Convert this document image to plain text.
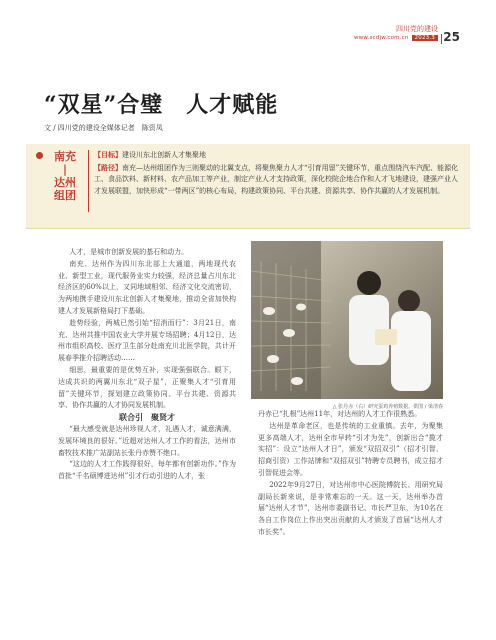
四川党的建设
www.scdjw.com.cn 2023.3 25
“双星”合璧　人才赋能
文 / 四川党的建设全媒体记者　陈资凤
南充
|
达州
组团
【目标】建设川东北创新人才集聚地
【路径】南充—达州组团作为三则聚动的北翼支点，将聚焦聚力人才“引育用留”关键环节，重点围绕汽车汽配、能源化工、食品饮料、新材料、农产品加工等产业，制定产业人才支持政策，深化校院企地合作和人才飞地建设，建强产业人才发展联盟，加快形成“一带两区”的核心布局，构建政策协同、平台共建、资源共享、协作共赢的人才发展机制。

人才，是城市创新发展的基石和动力。

南充、达州作为四川东北部上大通道，两地现代农业、新型工业，现代服务业实力较强，经济总量占川东北经济区的60%以上，又同地域相邻、经济文化交流密切，为两地携手建设川东北创新人才集聚地，推动全省加快构建人才发展新格局打下基础。

趁势经验，两城已然引始“招消而行”：3月21日，南充、达州共推中国农业大学并展专场招聘；4月12日，达州市组织高校、医疗卫生部分赴南充川北医学院，共计开展春季推介招聘活动……

细思，最重要的是优势互补，实现强强联合。眼下，达成共识的两翼川东北“双子星”，正聚集人才“引育用留”关键环节，探划建立政策协同、平台共建、资源共享、协作共赢的人才协同发展机制。

联合引　聚贤才

“最大感受就是达州珍视人才，礼遇人才，诚意满满，发展环境良的很好。”近超对达州人才工作的看法，达州市畜牧技术推广站副站长张丹赤赞不绝口。

“这边的人才工作践得很好，每年都有创新功作。”作为首批“千名硕博进达州”引才行动引进的人才，张

△ 张丹赤（右）研究蛋鸡养殖数据。供图 / 梁清春

丹赤已“扎根”达州11年，对达州的人才工作很熟悉。

达州是革命老区，也是传统的工业重镇。去年，为聚集更多高端人才，达州全市早转“引才为先”，创新出合“揽才实招”：设立“达州人才日”，颁发“双招双引”（招才引智、招商引资）工作站牌和“双招双引”特聘专员聘书，成立招才引智促进会等。

2022年9月27日，对达州市中心医院傅院长、用研究局副局长新来说，是非常难忘的一天。这一天，达州举办首届“达州人才节”，达州市委副书记、市长严卫东，为10名在各自工作岗位上作出突出贡献的人才颁发了首届“达州人才市长奖”。
